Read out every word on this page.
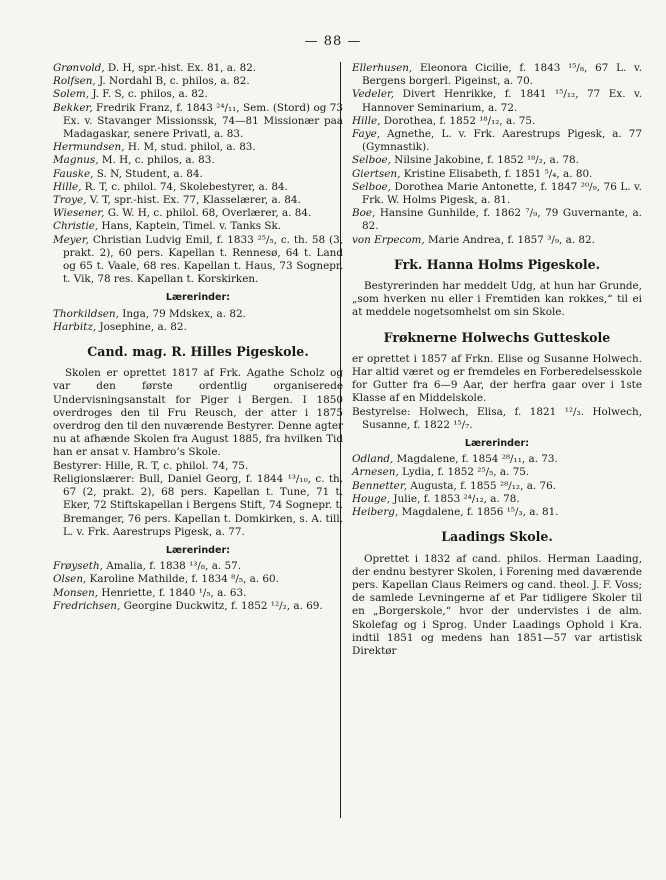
— 88 —
Grønvold, D. H, spr.-hist. Ex. 81, a. 82.
Rolfsen, J. Nordahl B, c. philos, a. 82.
Solem, J. F. S, c. philos, a. 82.
Bekker, Fredrik Franz, f. 1843 ²⁴/₁₁, Sem. (Stord) og 73 Ex. v. Stavanger Missionssk, 74—81 Missionær paa Madagaskar, senere Privatl, a. 83.
Hermundsen, H. M, stud. philol, a. 83.
Magnus, M. H, c. philos, a. 83.
Fauske, S. N, Student, a. 84.
Hille, R. T, c. philol. 74, Skolebestyrer, a. 84.
Troye, V. T, spr.-hist. Ex. 77, Klasselærer, a. 84.
Wiesener, G. W. H, c. philol. 68, Overlærer, a. 84.
Christie, Hans, Kaptein, Timel. v. Tanks Sk.
Meyer, Christian Ludvig Emil, f. 1833 ²⁵/₅, c. th. 58 (3, prakt. 2), 60 pers. Kapellan t. Rennesø, 64 t. Land og 65 t. Vaale, 68 res. Kapellan t. Haus, 73 Sognepr. t. Vik, 78 res. Kapellan t. Korskirken.
Lærerinder:
Thorkildsen, Inga, 79 Mdskex, a. 82.
Harbitz, Josephine, a. 82.
Cand. mag. R. Hilles Pigeskole.
Skolen er oprettet 1817 af Frk. Agathe Scholz og var den første ordentlig organiserede Undervisningsanstalt for Piger i Bergen. I 1850 overdroges den til Fru Reusch, der atter i 1875 overdrog den til den nuværende Bestyrer. Denne agter nu at afhænde Skolen fra August 1885, fra hvilken Tid han er ansat v. Hambro’s Skole.
Bestyrer: Hille, R. T, c. philol. 74, 75.
Religionslærer: Bull, Daniel Georg, f. 1844 ¹³/₁₀, c. th. 67 (2, prakt. 2), 68 pers. Kapellan t. Tune, 71 t. Eker, 72 Stiftskapellan i Bergens Stift, 74 Sognepr. t. Bremanger, 76 pers. Kapellan t. Domkirken, s. A. till. L. v. Frk. Aarestrups Pigesk, a. 77.
Lærerinder:
Frøyseth, Amalia, f. 1838 ¹³/₈, a. 57.
Olsen, Karoline Mathilde, f. 1834 ⁸/₅, a. 60.
Monsen, Henriette, f. 1840 ¹/₅, a. 63.
Fredrichsen, Georgine Duckwitz, f. 1852 ¹²/₂, a. 69.
Ellerhusen, Eleonora Cicilie, f. 1843 ¹⁵/₈, 67 L. v. Bergens borgerl. Pigeinst, a. 70.
Vedeler, Divert Henrikke, f. 1841 ¹⁵/₁₂, 77 Ex. v. Hannover Seminarium, a. 72.
Hille, Dorothea, f. 1852 ¹⁸/₁₂, a. 75.
Faye, Agnethe, L. v. Frk. Aarestrups Pigesk, a. 77 (Gymnastik).
Selboe, Nilsine Jakobine, f. 1852 ¹⁸/₂, a. 78.
Giertsen, Kristine Elisabeth, f. 1851 ⁵/₄, a. 80.
Selboe, Dorothea Marie Antonette, f. 1847 ²⁰/₉, 76 L. v. Frk. W. Holms Pigesk, a. 81.
Boe, Hansine Gunhilde, f. 1862 ⁷/₉, 79 Guvernante, a. 82.
von Erpecom, Marie Andrea, f. 1857 ³/₉, a. 82.
Frk. Hanna Holms Pigeskole.
Bestyrerinden har meddelt Udg, at hun har Grunde, „som hverken nu eller i Fremtiden kan rokkes,“ til ei at meddele nogetsomhelst om sin Skole.
Frøknerne Holwechs Gutteskole
er oprettet i 1857 af Frkn. Elise og Susanne Holwech. Har altid været og er fremdeles en Forberedelsesskole for Gutter fra 6—9 Aar, der herfra gaar over i 1ste Klasse af en Middelskole.
Bestyrelse: Holwech, Elisa, f. 1821 ¹²/₃. Holwech, Susanne, f. 1822 ¹⁵/₇.
Lærerinder:
Odland, Magdalene, f. 1854 ²⁸/₁₁, a. 73.
Arnesen, Lydia, f. 1852 ²⁵/₅, a. 75.
Bennetter, Augusta, f. 1855 ²⁸/₁₂, a. 76.
Houge, Julie, f. 1853 ²⁴/₁₂, a. 78.
Heiberg, Magdalene, f. 1856 ¹⁵/₃, a. 81.
Laadings Skole.
Oprettet i 1832 af cand. philos. Herman Laading, der endnu bestyrer Skolen, i Forening med daværende pers. Kapellan Claus Reimers og cand. theol. J. F. Voss; de samlede Levningerne af et Par tidligere Skoler til en „Borgerskole,“ hvor der undervistes i de alm. Skolefag og i Sprog. Under Laadings Ophold i Kra. indtil 1851 og medens han 1851—57 var artistisk Direktør
